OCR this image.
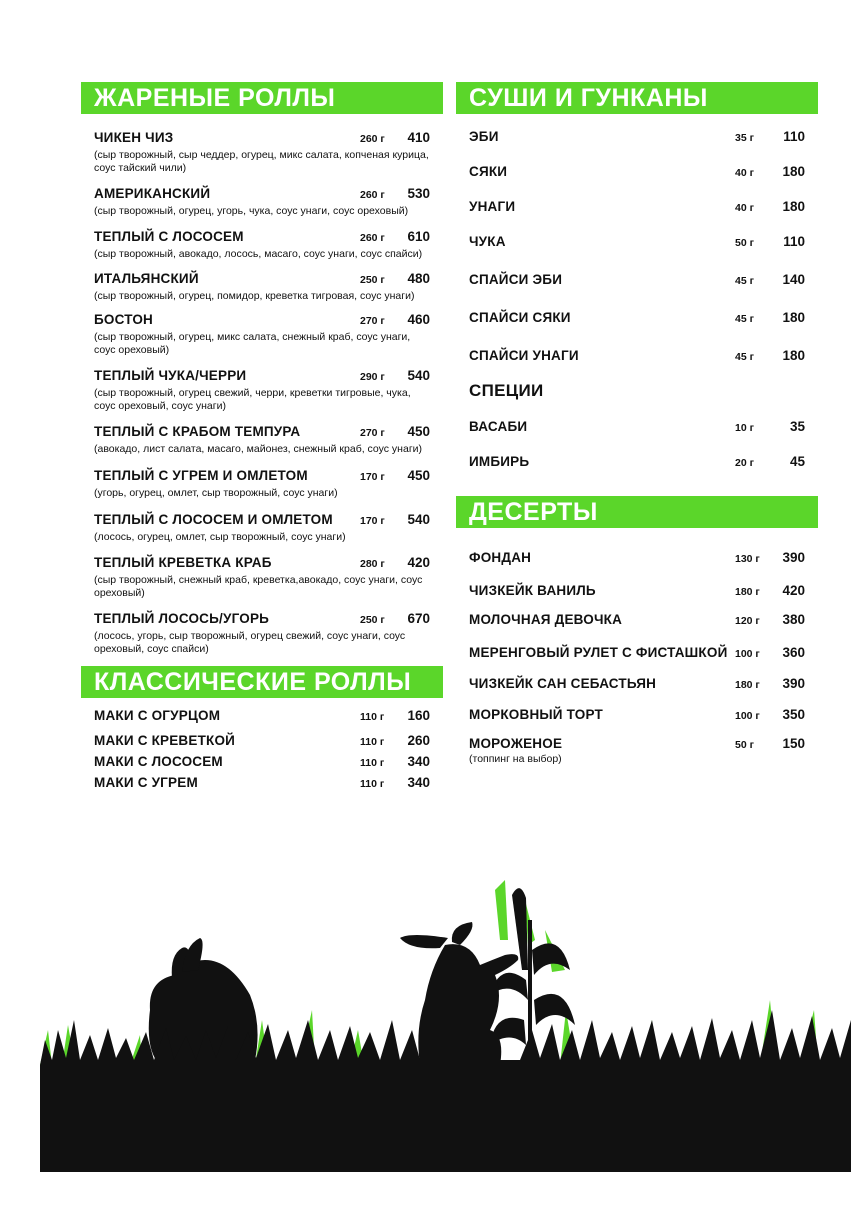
ЖАРЕНЫЕ РОЛЛЫ
ЧИКЕН ЧИЗ	260 г	410
(сыр творожный, сыр чеддер, огурец, микс салата, копченая курица, соус тайский чили)
АМЕРИКАНСКИЙ	260 г	530
(сыр творожный, огурец, угорь, чука, соус унаги, соус ореховый)
ТЕПЛЫЙ С ЛОСОСЕМ	260 г	610
(сыр творожный, авокадо, лосось, масаго, соус унаги, соус спайси)
ИТАЛЬЯНСКИЙ	250 г	480
(сыр творожный, огурец, помидор, креветка тигровая, соус унаги)
БОСТОН	270 г	460
(сыр творожный, огурец, микс салата, снежный краб, соус унаги, соус ореховый)
ТЕПЛЫЙ ЧУКА/ЧЕРРИ	290 г	540
(сыр творожный, огурец свежий, черри, креветки тигровые, чука, соус ореховый, соус унаги)
ТЕПЛЫЙ С КРАБОМ ТЕМПУРА	270 г	450
(авокадо, лист салата, масаго, майонез, снежный краб, соус унаги)
ТЕПЛЫЙ С УГРЕМ И ОМЛЕТОМ	170 г	450
(угорь, огурец, омлет, сыр творожный, соус унаги)
ТЕПЛЫЙ С ЛОСОСЕМ И ОМЛЕТОМ	170 г	540
(лосось, огурец, омлет, сыр творожный, соус унаги)
ТЕПЛЫЙ КРЕВЕТКА КРАБ	280 г	420
(сыр творожный, снежный краб, креветка,авокадо, соус унаги, соус ореховый)
ТЕПЛЫЙ ЛОСОСЬ/УГОРЬ	250 г	670
(лосось, угорь, сыр творожный, огурец свежий, соус унаги, соус ореховый, соус спайси)
КЛАССИЧЕСКИЕ РОЛЛЫ
МАКИ С ОГУРЦОМ	110 г	160
МАКИ С КРЕВЕТКОЙ	110 г	260
МАКИ С ЛОСОСЕМ	110 г	340
МАКИ С УГРЕМ	110 г	340
СУШИ И ГУНКАНЫ
ЭБИ	35 г	110
СЯКИ	40 г	180
УНАГИ	40 г	180
ЧУКА	50 г	110
СПАЙСИ ЭБИ	45 г	140
СПАЙСИ СЯКИ	45 г	180
СПАЙСИ УНАГИ	45 г	180
СПЕЦИИ
ВАСАБИ	10 г	35
ИМБИРЬ	20 г	45
ДЕСЕРТЫ
ФОНДАН	130 г	390
ЧИЗКЕЙК ВАНИЛЬ	180 г	420
МОЛОЧНАЯ ДЕВОЧКА	120 г	380
МЕРЕНГОВЫЙ РУЛЕТ С ФИСТАШКОЙ 100 г	360
ЧИЗКЕЙК САН СЕБАСТЬЯН	180 г	390
МОРКОВНЫЙ ТОРТ	100 г	350
МОРОЖЕНОЕ	50 г	150
(топпинг на выбор)
